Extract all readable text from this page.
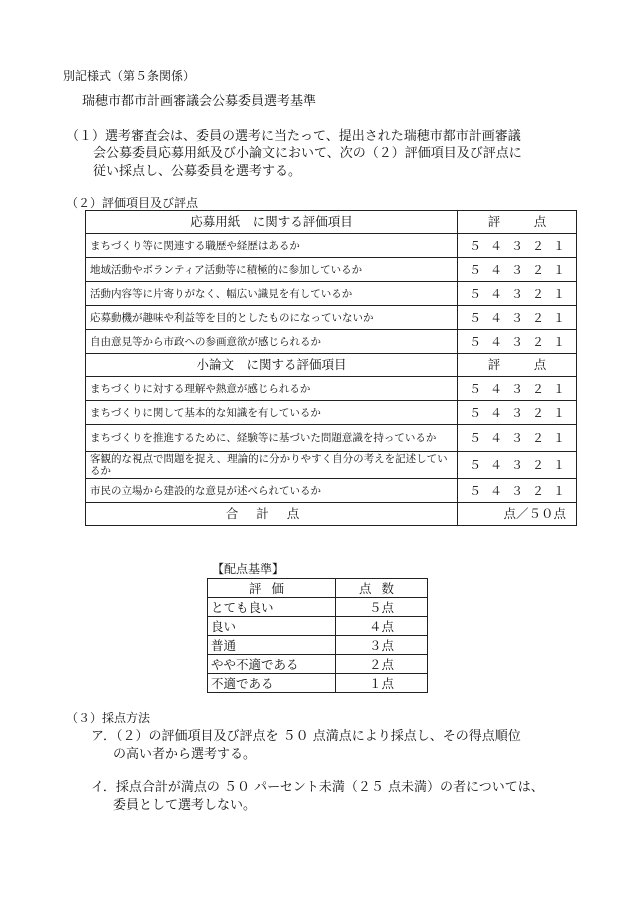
別記様式（第５条関係）
瑞穂市都市計画審議会公募委員選考基準
（１）選考審査会は、委員の選考に当たって、提出された瑞穂市都市計画審議
会公募委員応募用紙及び小論文において、次の（２）評価項目及び評点に
従い採点し、公募委員を選考する。
（２）評価項目及び評点
応募用紙　に関する評価項目	評 点
まちづくり等に関連する職歴や経歴はあるか	５ ４ ３ ２ １
地域活動やボランティア活動等に積極的に参加しているか	５ ４ ３ ２ １
活動内容等に片寄りがなく、幅広い識見を有しているか	５ ４ ３ ２ １
応募動機が趣味や利益等を目的としたものになっていないか	５ ４ ３ ２ １
自由意見等から市政への参画意欲が感じられるか	５ ４ ３ ２ １
小論文　に関する評価項目	評 点
まちづくりに対する理解や熱意が感じられるか	５ ４ ３ ２ １
まちづくりに関して基本的な知識を有しているか	５ ４ ３ ２ １
まちづくりを推進するために、経験等に基づいた問題意識を持っているか	５ ４ ３ ２ １
客観的な視点で問題を捉え、理論的に分かりやすく自分の考えを記述しているか	５ ４ ３ ２ １
市民の立場から建設的な意見が述べられているか	５ ４ ３ ２ １
合計点	点／５０点
【配点基準】
評価	点数
とても良い	５点
良い	４点
普通	３点
やや不適である	２点
不適である	１点
（３）採点方法
ア．（２）の評価項目及び評点を ５０ 点満点により採点し、その得点順位
の高い者から選考する。
イ．採点合計が満点の ５０ パーセント未満（２５ 点未満）の者については、
委員として選考しない。
